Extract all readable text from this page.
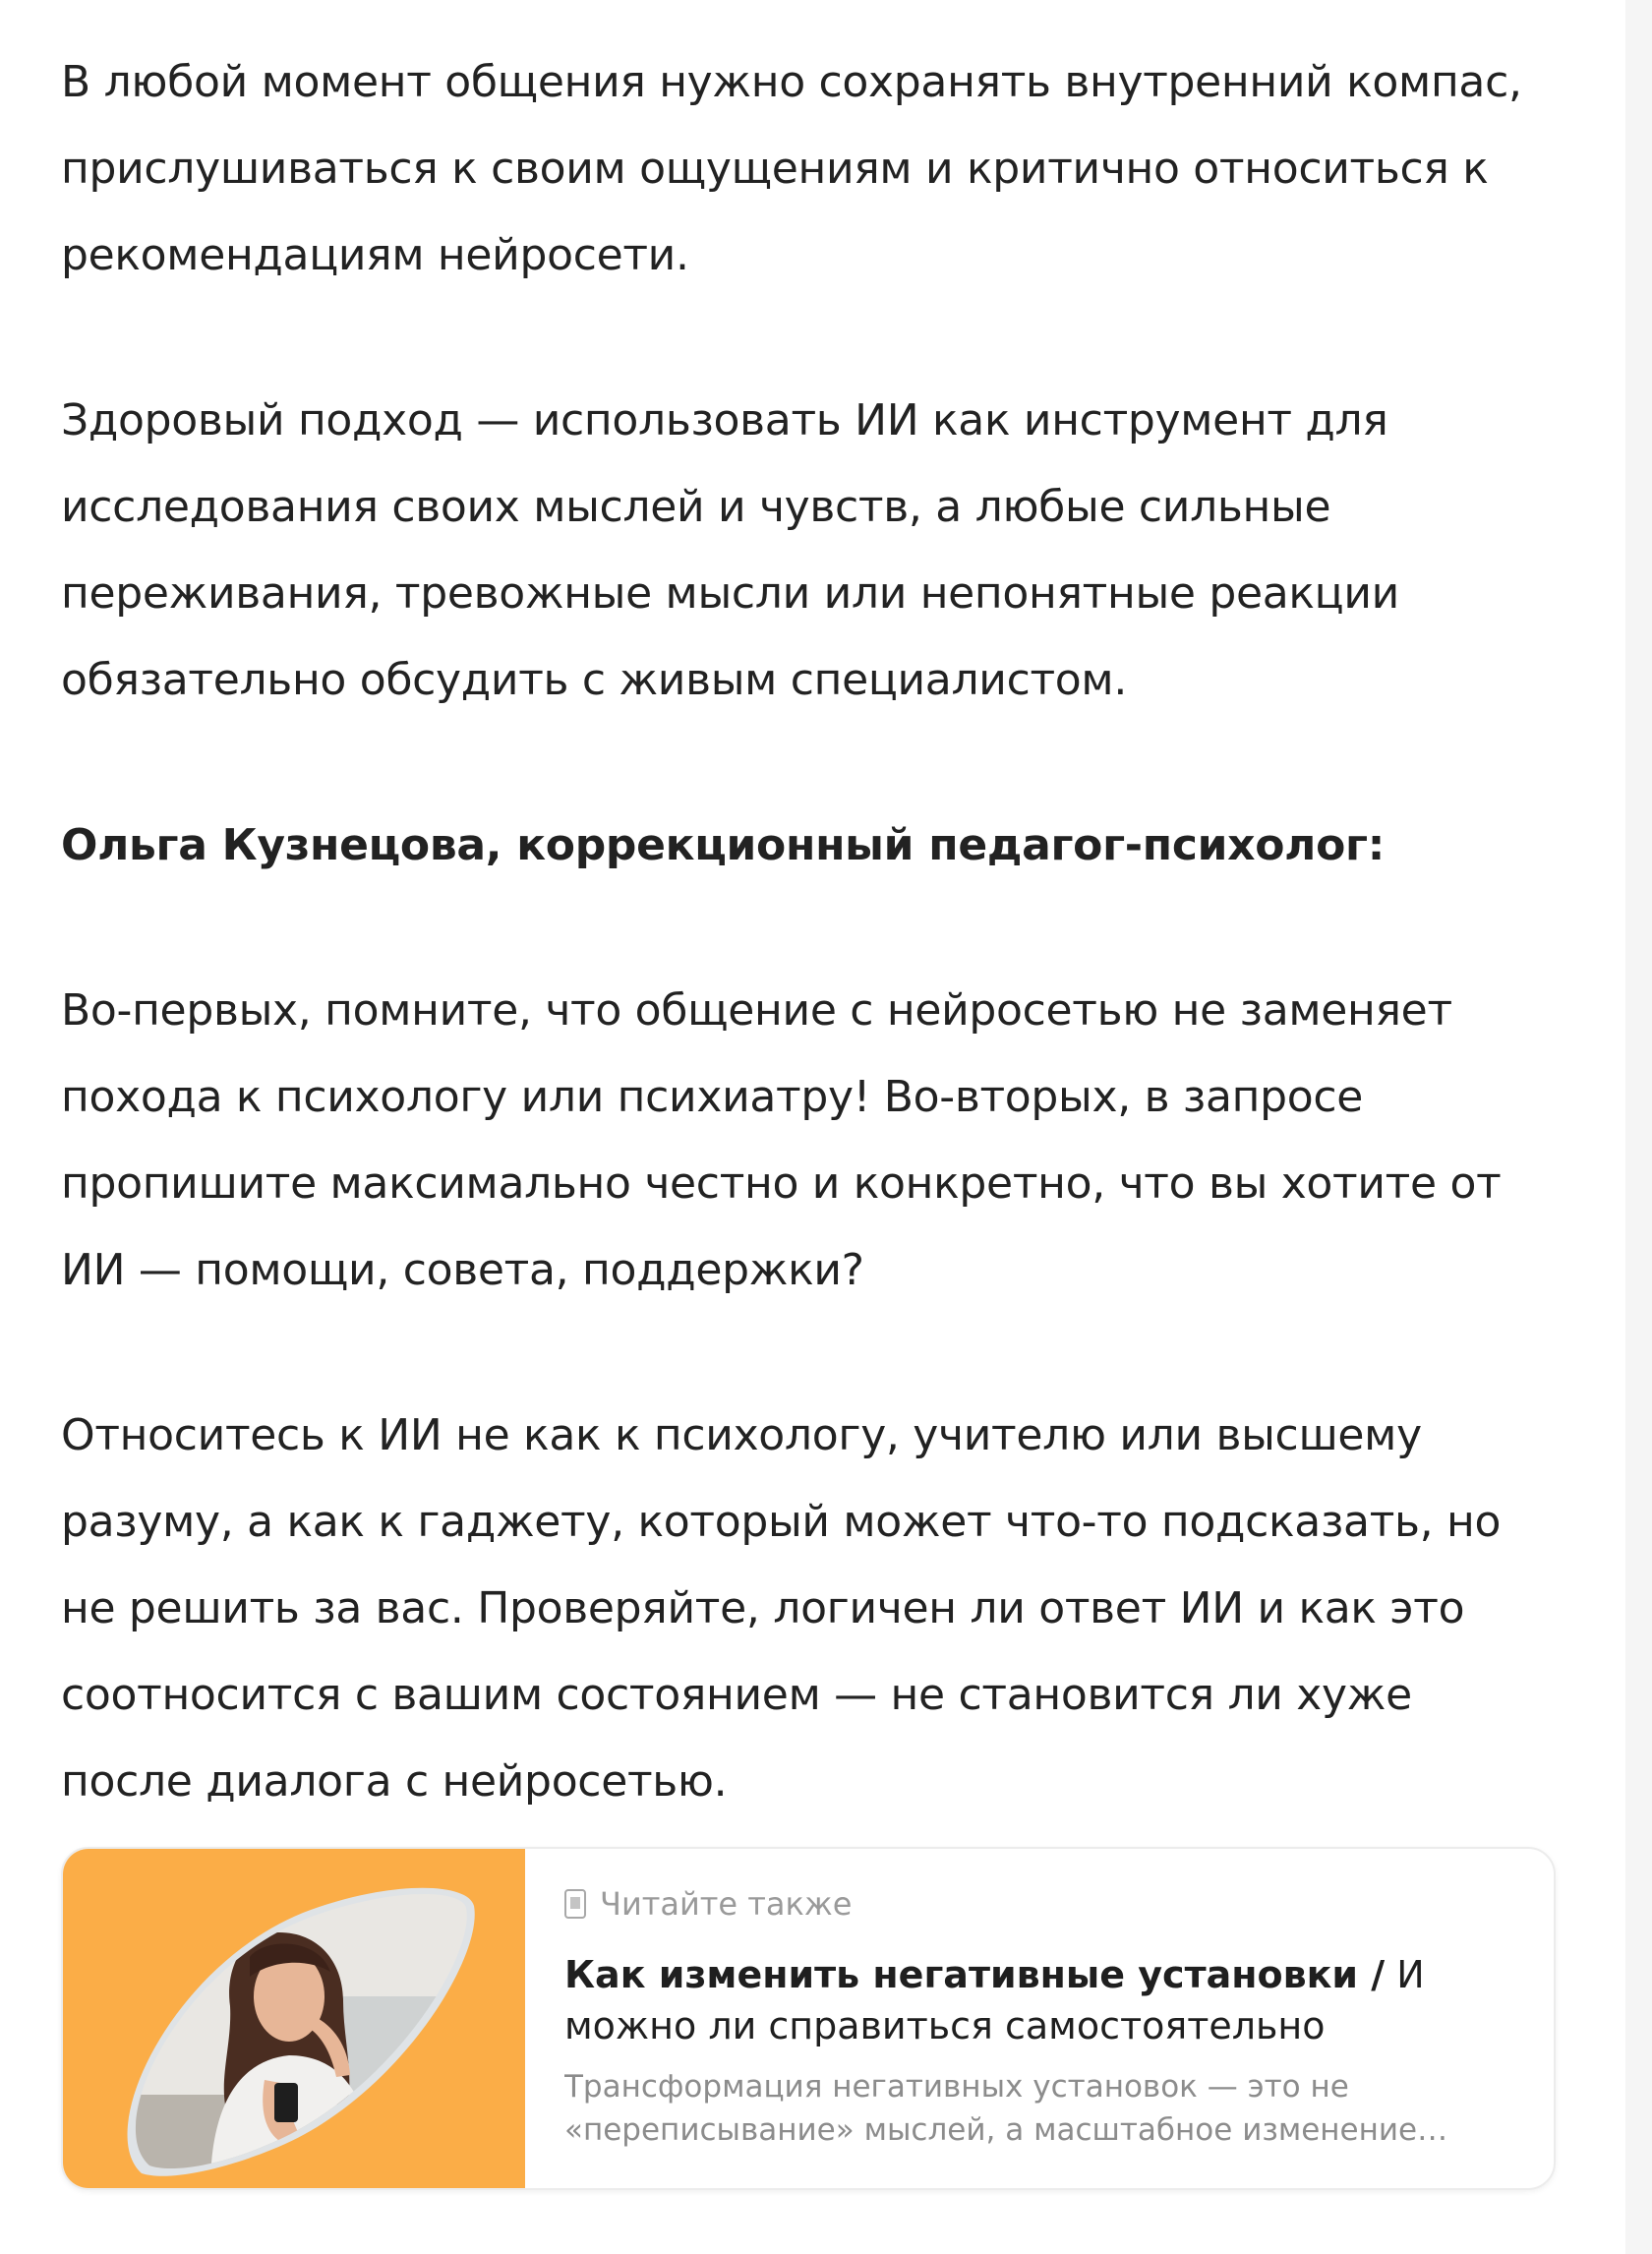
В любой момент общения нужно сохранять внутренний компас, прислушиваться к своим ощущениям и критично относиться к рекомендациям нейросети.

Здоровый подход — использовать ИИ как инструмент для исследования своих мыслей и чувств, а любые сильные переживания, тревожные мысли или непонятные реакции обязательно обсудить с живым специалистом.

Ольга Кузнецова, коррекционный педагог-психолог:

Во-первых, помните, что общение с нейросетью не заменяет похода к психологу или психиатру! Во-вторых, в запросе пропишите максимально честно и конкретно, что вы хотите от ИИ — помощи, совета, поддержки?

Относитесь к ИИ не как к психологу, учителю или высшему разуму, а как к гаджету, который может что-то подсказать, но не решить за вас. Проверяйте, логичен ли ответ ИИ и как это соотносится с вашим состоянием — не становится ли хуже после диалога с нейросетью.

Читайте также
Как изменить негативные установки / И можно ли справиться самостоятельно
Трансформация негативных установок — это не «переписывание» мыслей, а масштабное изменение…
